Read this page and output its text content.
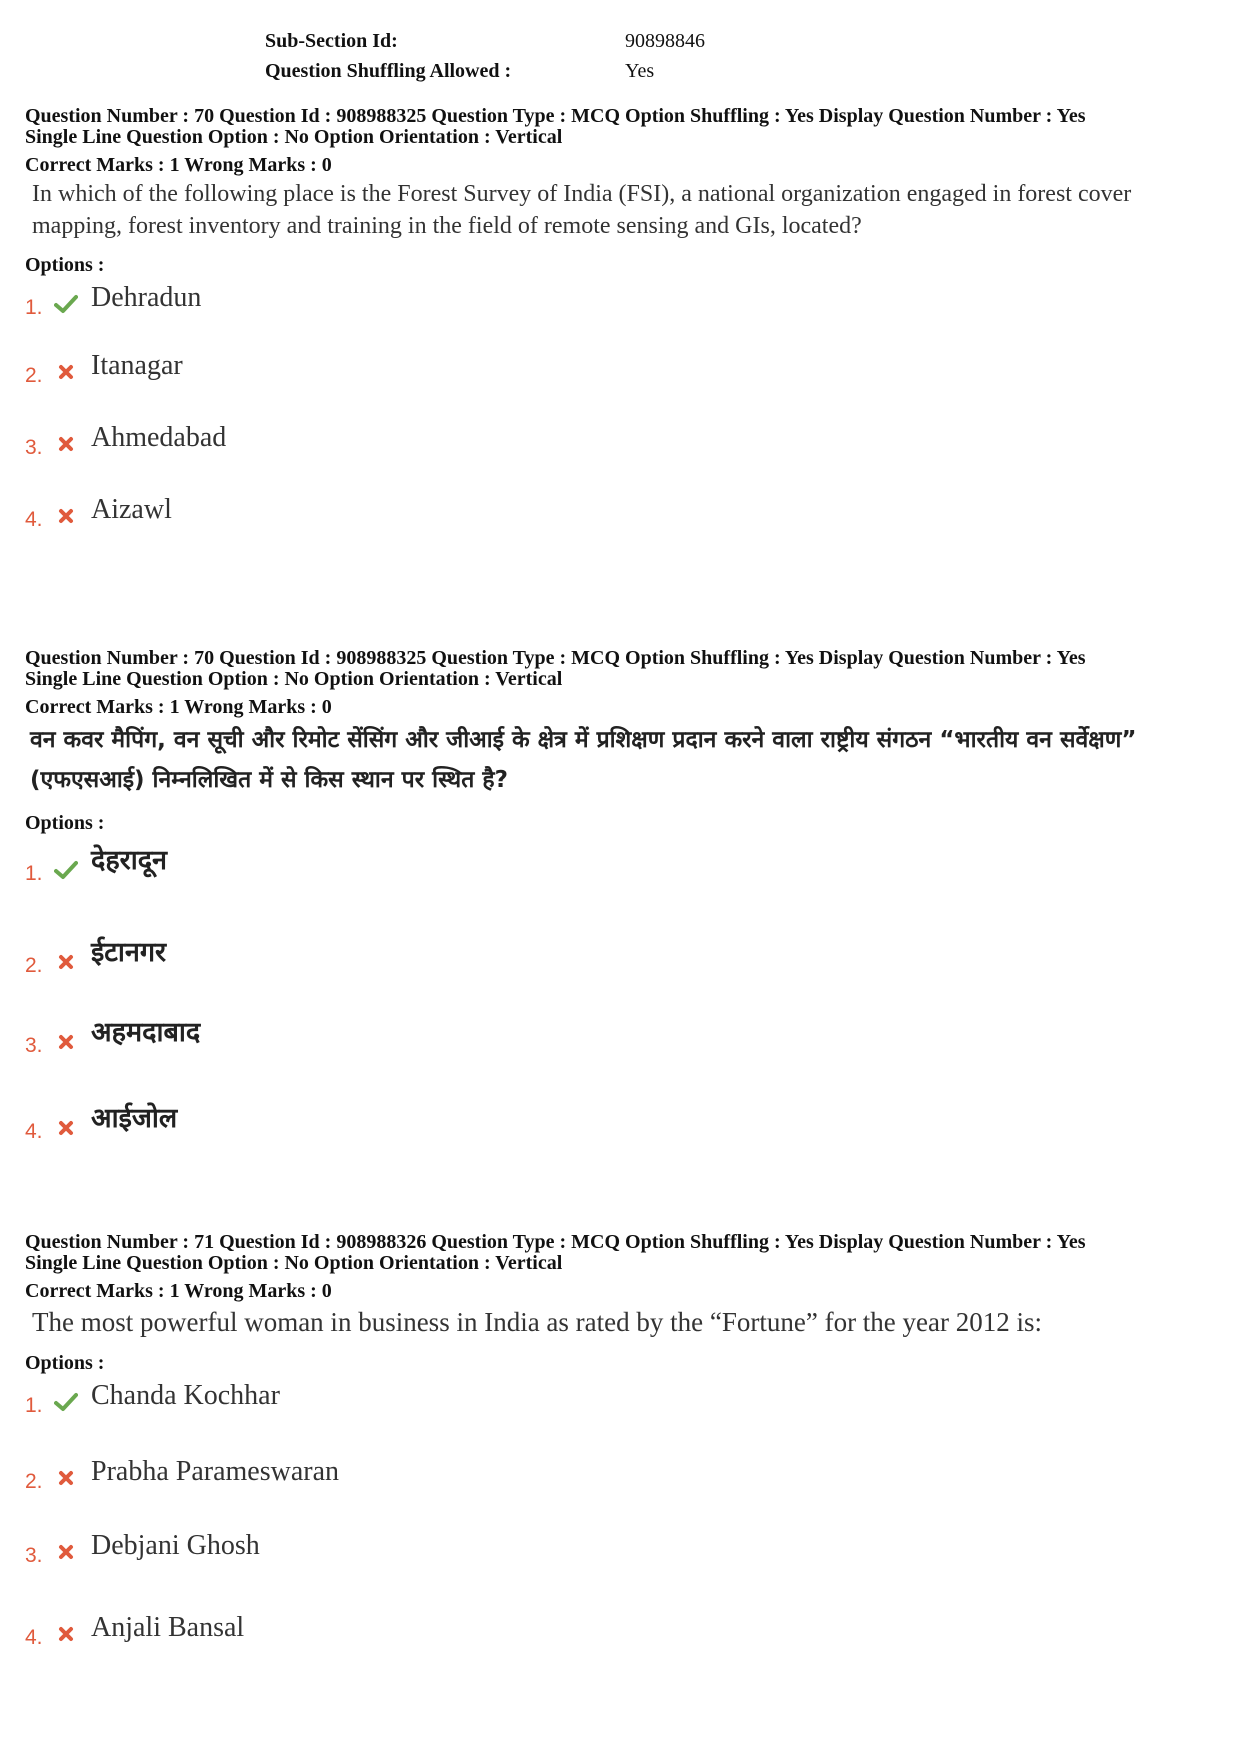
Sub-Section Id:	90898846
Question Shuffling Allowed :	Yes
Question Number : 70 Question Id : 908988325 Question Type : MCQ Option Shuffling : Yes Display Question Number : Yes
Single Line Question Option : No Option Orientation : Vertical
Correct Marks : 1 Wrong Marks : 0
In which of the following place is the Forest Survey of India (FSI), a national organization engaged in forest cover mapping, forest inventory and training in the field of remote sensing and GIs, located?
Options :
1.	Dehradun
2.	Itanagar
3.	Ahmedabad
4.	Aizawl
Question Number : 70 Question Id : 908988325 Question Type : MCQ Option Shuffling : Yes Display Question Number : Yes
Single Line Question Option : No Option Orientation : Vertical
Correct Marks : 1 Wrong Marks : 0
वन कवर मैपिंग, वन सूची और रिमोट सेंसिंग और जीआई के क्षेत्र में प्रशिक्षण प्रदान करने वाला राष्ट्रीय संगठन “भारतीय वन सर्वेक्षण” (एफएसआई) निम्नलिखित में से किस स्थान पर स्थित है?
Options :
1.	देहरादून
2.	ईटानगर
3.	अहमदाबाद
4.	आईजोल
Question Number : 71 Question Id : 908988326 Question Type : MCQ Option Shuffling : Yes Display Question Number : Yes
Single Line Question Option : No Option Orientation : Vertical
Correct Marks : 1 Wrong Marks : 0
The most powerful woman in business in India as rated by the “Fortune” for the year 2012 is:
Options :
1.	Chanda Kochhar
2.	Prabha Parameswaran
3.	Debjani Ghosh
4.	Anjali Bansal
